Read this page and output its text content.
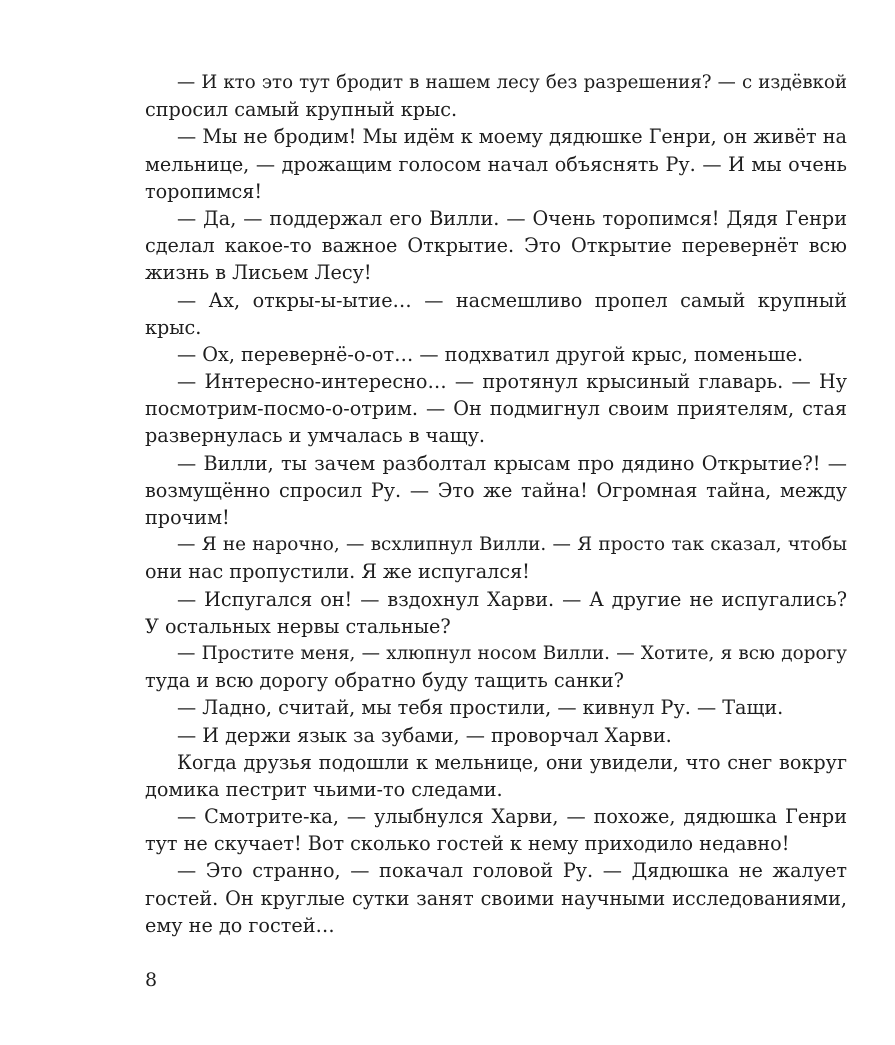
— И кто это тут бродит в нашем лесу без разрешения? — с издёвкой
спросил самый крупный крыс.
— Мы не бродим! Мы идём к моему дядюшке Генри, он живёт на
мельнице, — дрожащим голосом начал объяснять Ру. — И мы очень
торопимся!
— Да, — поддержал его Вилли. — Очень торопимся! Дядя Генри
сделал какое-то важное Открытие. Это Открытие перевернёт всю
жизнь в Лисьем Лесу!
— Ах, откры-ы-ытие… — насмешливо пропел самый крупный
крыс.
— Ох, перевернё-о-от… — подхватил другой крыс, поменьше.
— Интересно-интересно… — протянул крысиный главарь. — Ну
посмотрим-посмо-о-отрим. — Он подмигнул своим приятелям, стая
развернулась и умчалась в чащу.
— Вилли, ты зачем разболтал крысам про дядино Открытие?! —
возмущённо спросил Ру. — Это же тайна! Огромная тайна, между
прочим!
— Я не нарочно, — всхлипнул Вилли. — Я просто так сказал, чтобы
они нас пропустили. Я же испугался!
— Испугался он! — вздохнул Харви. — А другие не испугались?
У остальных нервы стальные?
— Простите меня, — хлюпнул носом Вилли. — Хотите, я всю дорогу
туда и всю дорогу обратно буду тащить санки?
— Ладно, считай, мы тебя простили, — кивнул Ру. — Тащи.
— И держи язык за зубами, — проворчал Харви.
Когда друзья подошли к мельнице, они увидели, что снег вокруг
домика пестрит чьими-то следами.
— Смотрите-ка, — улыбнулся Харви, — похоже, дядюшка Генри
тут не скучает! Вот сколько гостей к нему приходило недавно!
— Это странно, — покачал головой Ру. — Дядюшка не жалует
гостей. Он круглые сутки занят своими научными исследованиями,
ему не до гостей…
8
